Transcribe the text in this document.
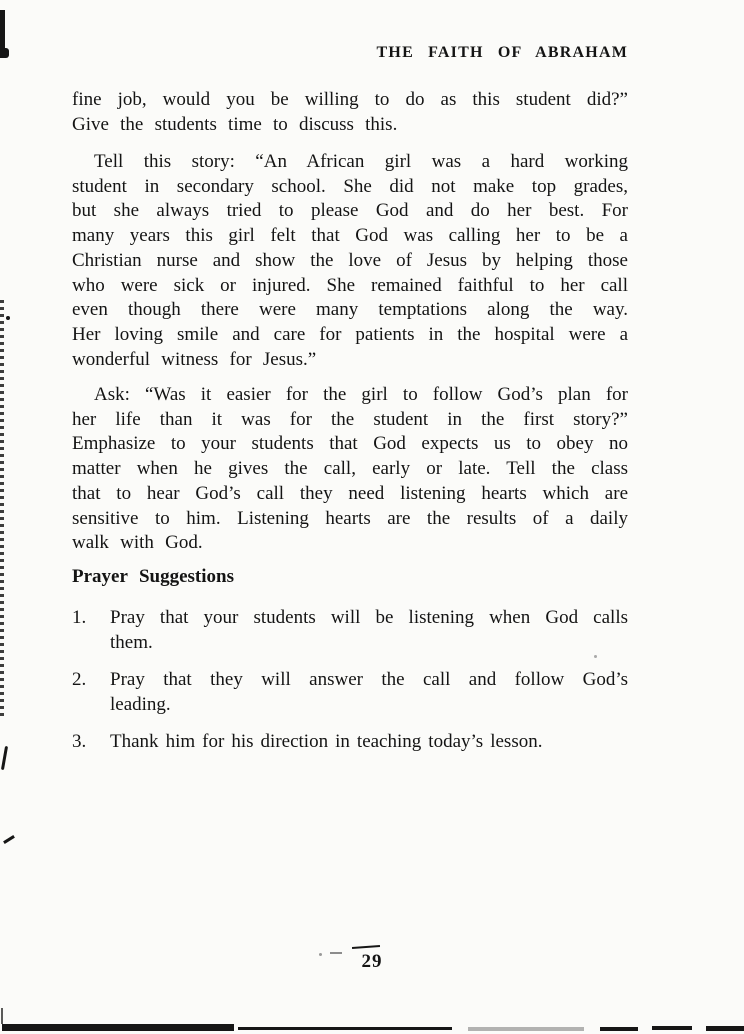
THE FAITH OF ABRAHAM
fine job, would you be willing to do as this student did?”
Give the students time to discuss this.
Tell this story: “An African girl was a hard working
student in secondary school. She did not make top grades,
but she always tried to please God and do her best. For
many years this girl felt that God was calling her to be a
Christian nurse and show the love of Jesus by helping those
who were sick or injured. She remained faithful to her call
even though there were many temptations along the way.
Her loving smile and care for patients in the hospital were a
wonderful witness for Jesus.”
Ask: “Was it easier for the girl to follow God’s plan for
her life than it was for the student in the first story?”
Emphasize to your students that God expects us to obey no
matter when he gives the call, early or late. Tell the class
that to hear God’s call they need listening hearts which are
sensitive to him. Listening hearts are the results of a daily
walk with God.
Prayer Suggestions
1. Pray that your students will be listening when God calls
them.
2. Pray that they will answer the call and follow God’s
leading.
3. Thank him for his direction in teaching today’s lesson.
29
